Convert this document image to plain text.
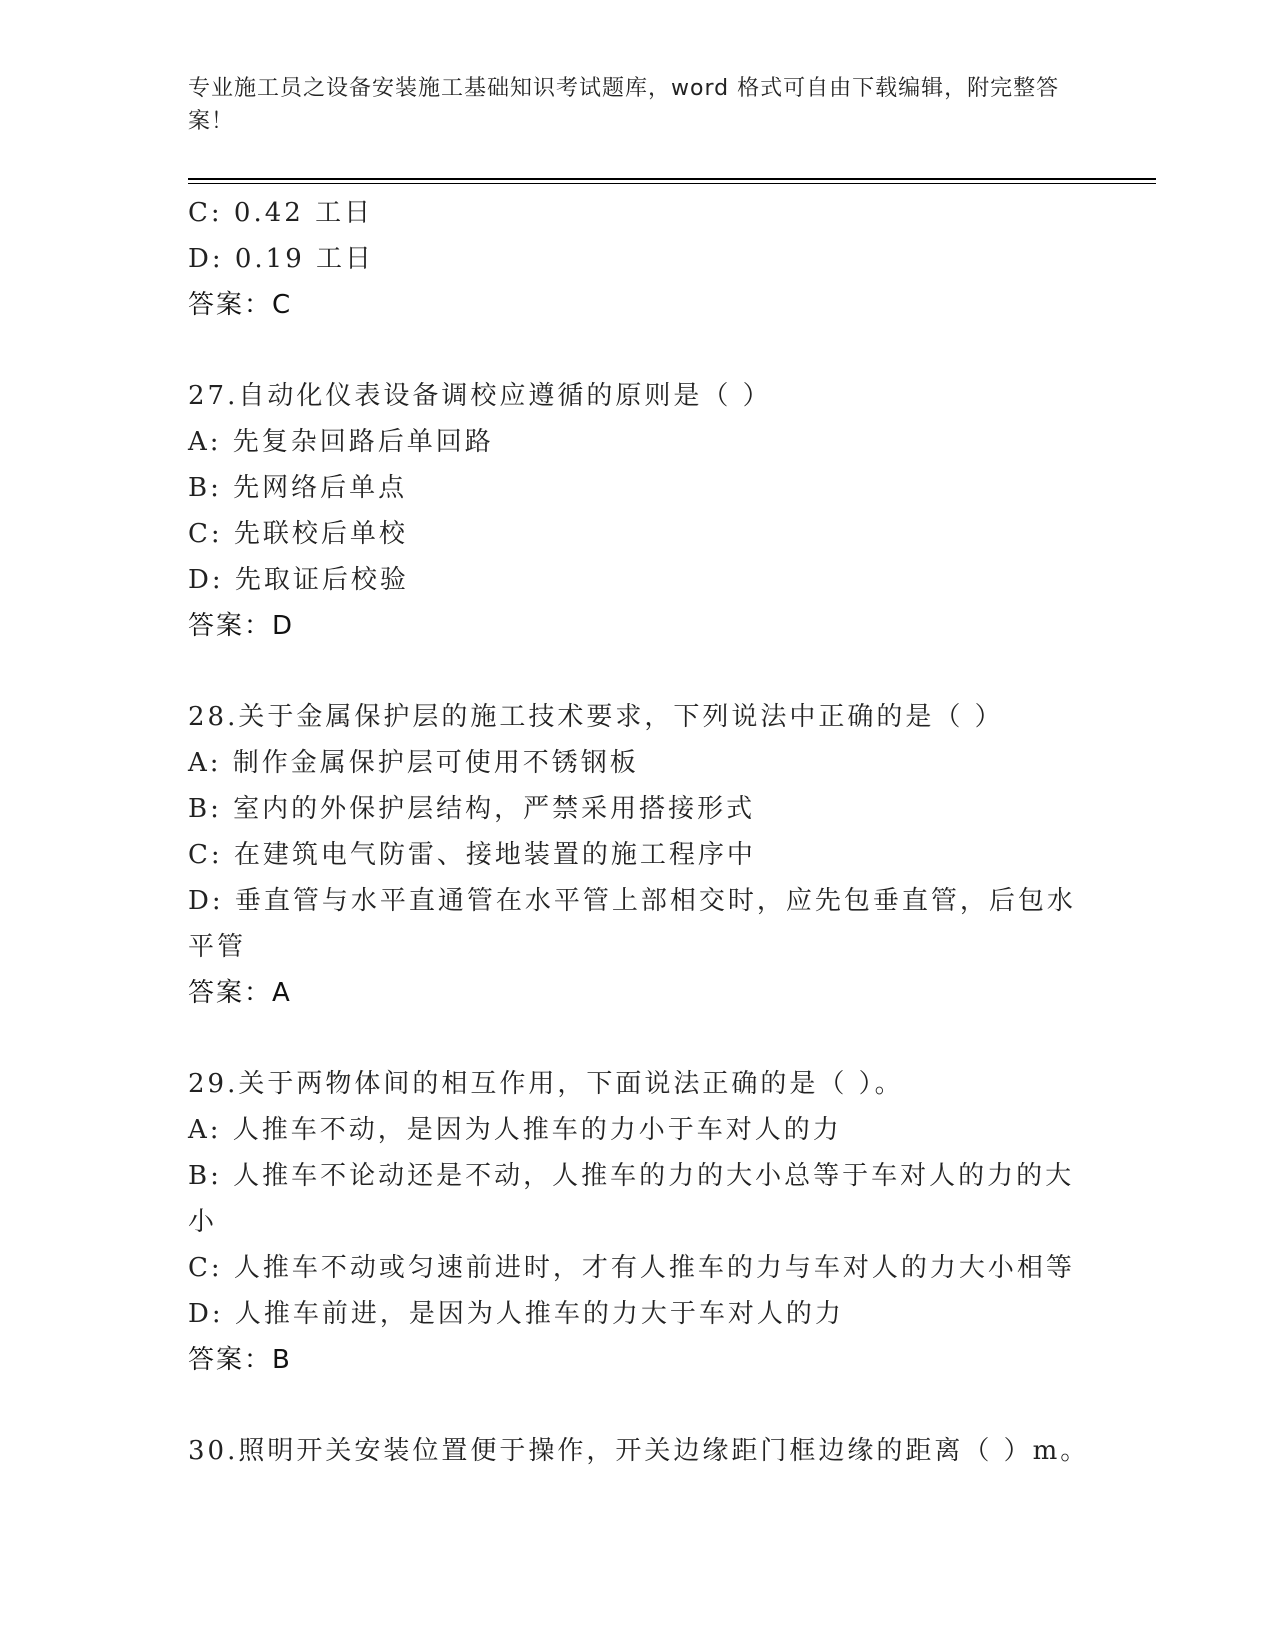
专业施工员之设备安装施工基础知识考试题库，word 格式可自由下载编辑，附完整答案！
C: 0.42 工日
D: 0.19 工日
答案：C
27.自动化仪表设备调校应遵循的原则是（ ）
A: 先复杂回路后单回路
B: 先网络后单点
C: 先联校后单校
D: 先取证后校验
答案：D
28.关于金属保护层的施工技术要求，下列说法中正确的是（ ）
A: 制作金属保护层可使用不锈钢板
B: 室内的外保护层结构，严禁采用搭接形式
C: 在建筑电气防雷、接地装置的施工程序中
D: 垂直管与水平直通管在水平管上部相交时，应先包垂直管，后包水平管
答案：A
29.关于两物体间的相互作用，下面说法正确的是（ ）。
A: 人推车不动，是因为人推车的力小于车对人的力
B: 人推车不论动还是不动，人推车的力的大小总等于车对人的力的大小
C: 人推车不动或匀速前进时，才有人推车的力与车对人的力大小相等
D: 人推车前进，是因为人推车的力大于车对人的力
答案：B
30.照明开关安装位置便于操作，开关边缘距门框边缘的距离（ ）m。
